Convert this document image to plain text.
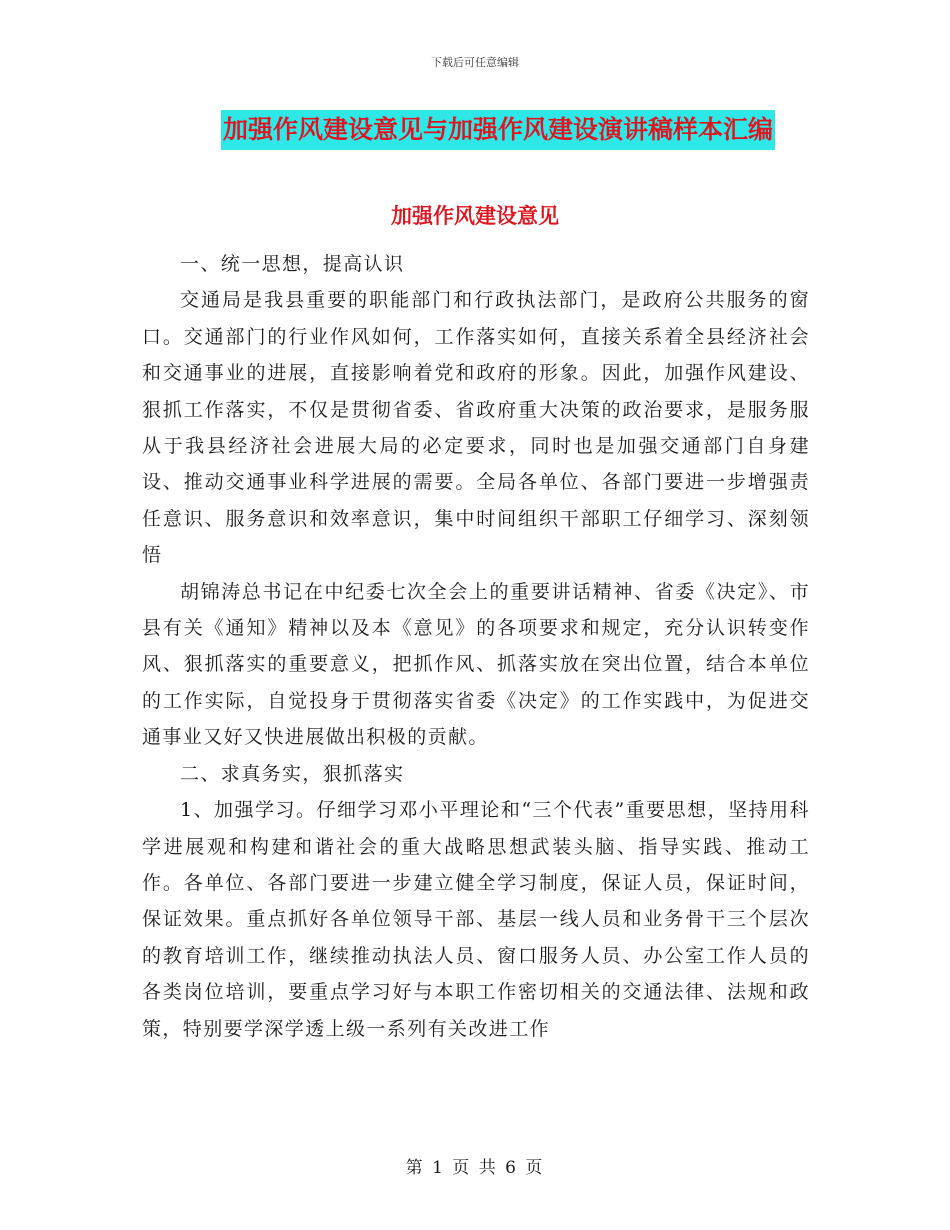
下载后可任意编辑
加强作风建设意见与加强作风建设演讲稿样本汇编
加强作风建设意见

一、统一思想，提高认识

交通局是我县重要的职能部门和行政执法部门，是政府公共服务的窗口。交通部门的行业作风如何，工作落实如何，直接关系着全县经济社会和交通事业的进展，直接影响着党和政府的形象。因此，加强作风建设、狠抓工作落实，不仅是贯彻省委、省政府重大决策的政治要求，是服务服从于我县经济社会进展大局的必定要求，同时也是加强交通部门自身建设、推动交通事业科学进展的需要。全局各单位、各部门要进一步增强责任意识、服务意识和效率意识，集中时间组织干部职工仔细学习、深刻领悟

胡锦涛总书记在中纪委七次全会上的重要讲话精神、省委《决定》、市县有关《通知》精神以及本《意见》的各项要求和规定，充分认识转变作风、狠抓落实的重要意义，把抓作风、抓落实放在突出位置，结合本单位的工作实际，自觉投身于贯彻落实省委《决定》的工作实践中，为促进交通事业又好又快进展做出积极的贡献。

二、求真务实，狠抓落实

1、加强学习。仔细学习邓小平理论和“三个代表”重要思想，坚持用科学进展观和构建和谐社会的重大战略思想武装头脑、指导实践、推动工作。各单位、各部门要进一步建立健全学习制度，保证人员，保证时间，保证效果。重点抓好各单位领导干部、基层一线人员和业务骨干三个层次的教育培训工作，继续推动执法人员、窗口服务人员、办公室工作人员的各类岗位培训，要重点学习好与本职工作密切相关的交通法律、法规和政策，特别要学深学透上级一系列有关改进工作

第 1 页 共 6 页
